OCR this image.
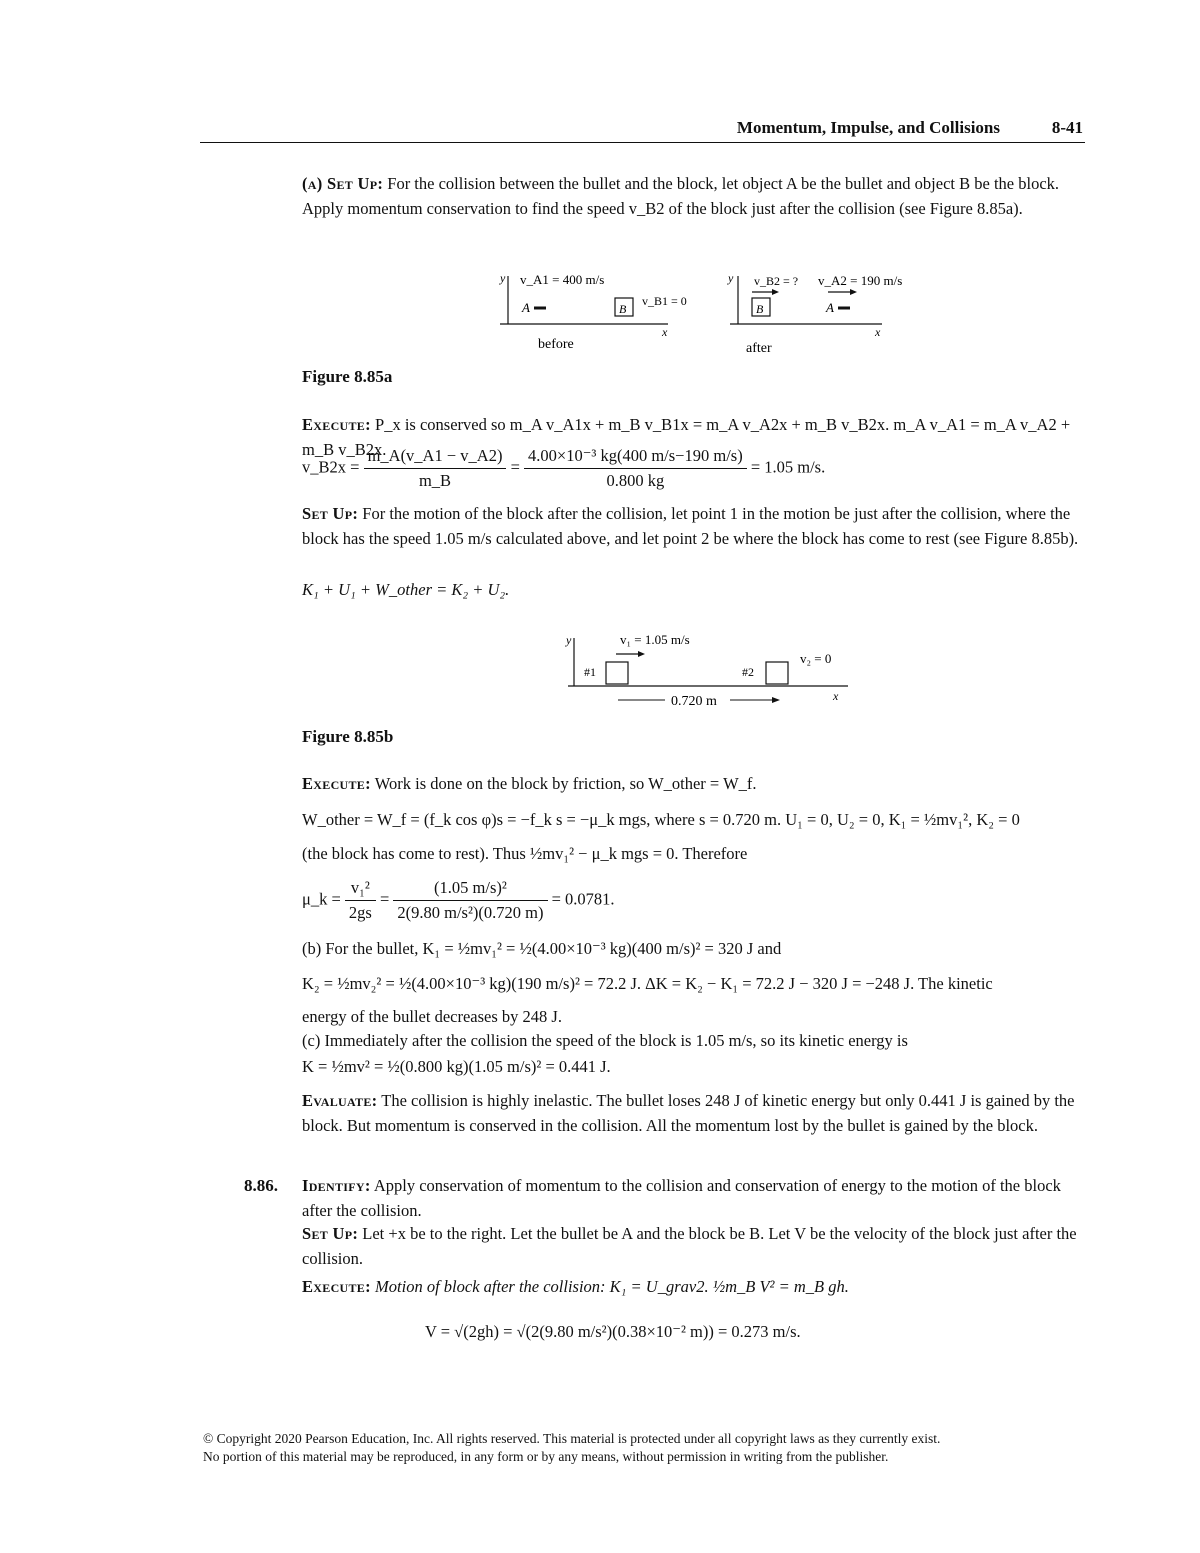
Momentum, Impulse, and Collisions	8-41

(a) Set Up: For the collision between the bullet and the block, let object A be the bullet and object B be the block. Apply momentum conservation to find the speed v_B2 of the block just after the collision (see Figure 8.85a).

y v_A1 = 400 m/s
A	B
v_B1 = 0
x
before
y v_B2 = ? v_A2 = 190 m/s
B	A
x
after
Figure 8.85a

Execute: P_x is conserved so m_A v_A1x + m_B v_B1x = m_A v_A2x + m_B v_B2x. m_A v_A1 = m_A v_A2 + m_B v_B2x.

v_B2x = $\frac{m\_A(v\_A1 - v\_A2)}{m\_B} = \frac{\text{4.00×10⁻³ kg(400 m/s−190 m/s)}}{0.800 kg} = 1.05$ m/s.

Set Up: For the motion of the block after the collision, let point 1 in the motion be just after the collision, where the block has the speed 1.05 m/s calculated above, and let point 2 be where the block has come to rest (see Figure 8.85b).

K₁ + U₁ + W_other = K₂ + U₂.
y	v₁ = 1.05 m/s
#1	#2
v₂ = 0
0.720 m	x
Figure 8.85b

Execute: Work is done on the block by friction, so W_other = W_f.

W_other = W_f = (f_k cos φ)s = −f_k s = −μ_k mgs, where s = 0.720 m. U₁ = 0, U₂ = 0, K₁ = ½mv₁², K₂ = 0

(the block has come to rest). Thus ½mv₁² − μ_k mgs = 0. Therefore

μ_k = $\frac{\text{v₁²}}{2gs} = \frac{\text{(1.05 m/s)²}}{\text{2(9.80 m/s²)(0.720 m)}} = 0.0781$.

(b) For the bullet, K₁ = ½mv₁² = ½(4.00×10⁻³ kg)(400 m/s)² = 320 J and

K₂ = ½mv₂² = ½(4.00×10⁻³ kg)(190 m/s)² = 72.2 J. ΔK = K₂ − K₁ = 72.2 J − 320 J = −248 J. The kinetic

energy of the bullet decreases by 248 J.

(c) Immediately after the collision the speed of the block is 1.05 m/s, so its kinetic energy is

K = ½mv² = ½(0.800 kg)(1.05 m/s)² = 0.441 J.

Evaluate: The collision is highly inelastic. The bullet loses 248 J of kinetic energy but only 0.441 J is gained by the block. But momentum is conserved in the collision. All the momentum lost by the bullet is gained by the block.

8.86. Identify: Apply conservation of momentum to the collision and conservation of energy to the motion of the block after the collision.

Set Up: Let +x be to the right. Let the bullet be A and the block be B. Let V be the velocity of the block just after the collision.

Execute: Motion of block after the collision: K₁ = U_grav2. ½m_B V² = m_B gh.

V = √(2gh) = √(2(9.80 m/s²)(0.38×10⁻² m)) = 0.273 m/s.
© Copyright 2020 Pearson Education, Inc. All rights reserved. This material is protected under all copyright laws as they currently exist.
No portion of this material may be reproduced, in any form or by any means, without permission in writing from the publisher.
